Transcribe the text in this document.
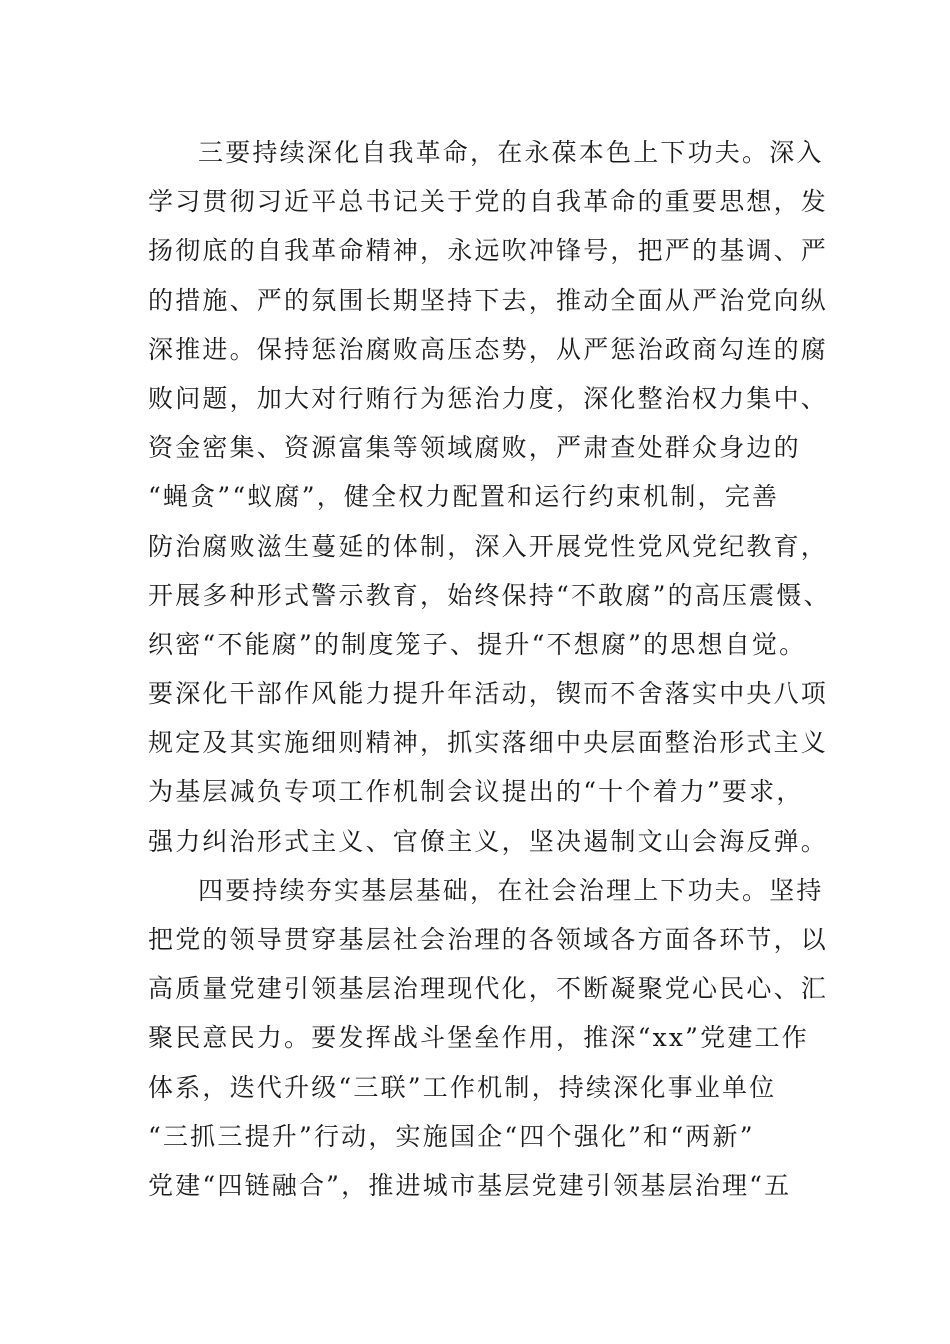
三要持续深化自我革命，在永葆本色上下功夫。深入
学习贯彻习近平总书记关于党的自我革命的重要思想，发
扬彻底的自我革命精神，永远吹冲锋号，把严的基调、严
的措施、严的氛围长期坚持下去，推动全面从严治党向纵
深推进。保持惩治腐败高压态势，从严惩治政商勾连的腐
败问题，加大对行贿行为惩治力度，深化整治权力集中、
资金密集、资源富集等领域腐败，严肃查处群众身边的
“蝇贪”“蚁腐”，健全权力配置和运行约束机制，完善
防治腐败滋生蔓延的体制，深入开展党性党风党纪教育，
开展多种形式警示教育，始终保持“不敢腐”的高压震慑、
织密“不能腐”的制度笼子、提升“不想腐”的思想自觉。
要深化干部作风能力提升年活动，锲而不舍落实中央八项
规定及其实施细则精神，抓实落细中央层面整治形式主义
为基层减负专项工作机制会议提出的“十个着力”要求，
强力纠治形式主义、官僚主义，坚决遏制文山会海反弹。
四要持续夯实基层基础，在社会治理上下功夫。坚持
把党的领导贯穿基层社会治理的各领域各方面各环节，以
高质量党建引领基层治理现代化，不断凝聚党心民心、汇
聚民意民力。要发挥战斗堡垒作用，推深“xx”党建工作
体系，迭代升级“三联”工作机制，持续深化事业单位
“三抓三提升”行动，实施国企“四个强化”和“两新”
党建“四链融合”，推进城市基层党建引领基层治理“五
